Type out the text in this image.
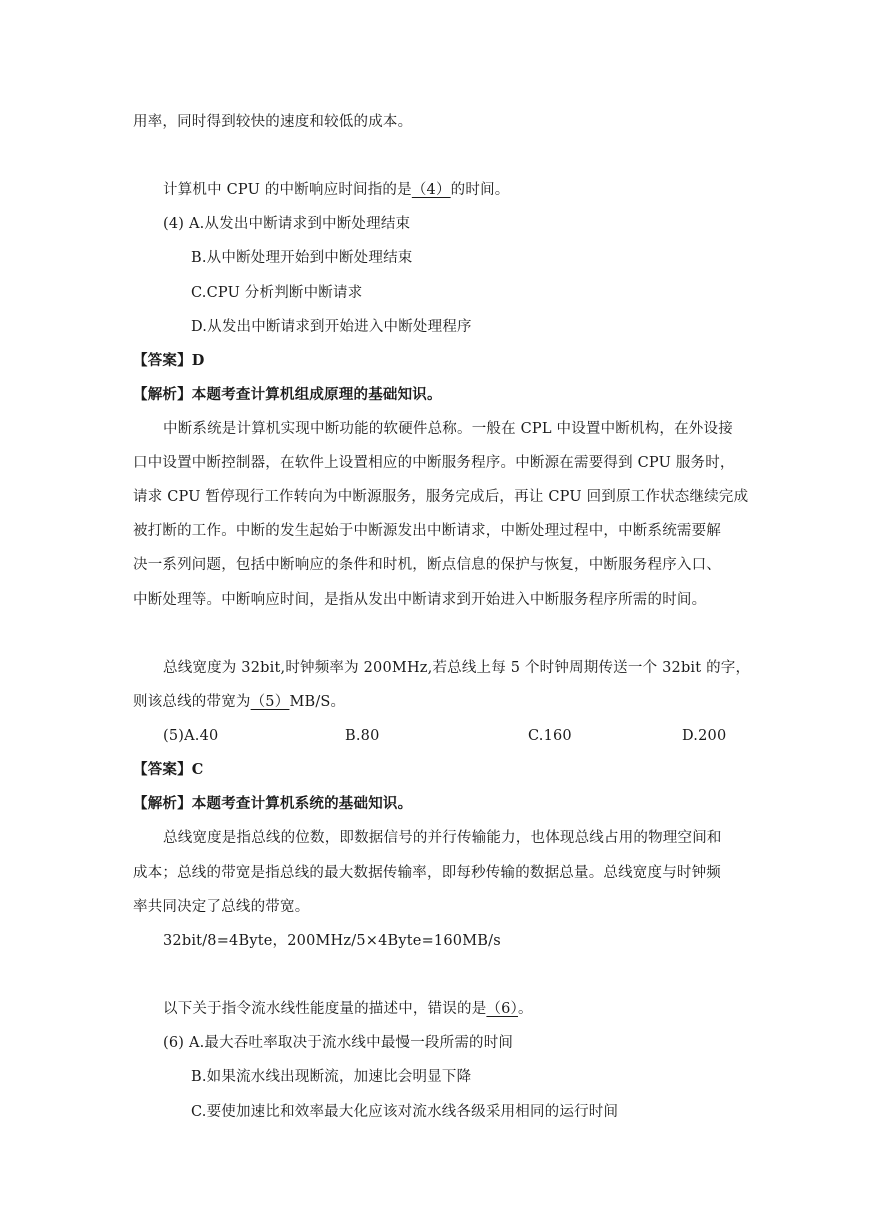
用率，同时得到较快的速度和较低的成本。
计算机中 CPU 的中断响应时间指的是（4）的时间。
(4) A.从发出中断请求到中断处理结束
B.从中断处理开始到中断处理结束
C.CPU 分析判断中断请求
D.从发出中断请求到开始进入中断处理程序
【答案】D
【解析】本题考查计算机组成原理的基础知识。
中断系统是计算机实现中断功能的软硬件总称。一般在 CPL 中设置中断机构，在外设接
口中设置中断控制器，在软件上设置相应的中断服务程序。中断源在需要得到 CPU 服务时，
请求 CPU 暂停现行工作转向为中断源服务，服务完成后，再让 CPU 回到原工作状态继续完成
被打断的工作。中断的发生起始于中断源发出中断请求，中断处理过程中，中断系统需要解
决一系列问题，包括中断响应的条件和时机，断点信息的保护与恢复，中断服务程序入口、
中断处理等。中断响应时间，是指从发出中断请求到开始进入中断服务程序所需的时间。
总线宽度为 32bit,时钟频率为 200MHz,若总线上每 5 个时钟周期传送一个 32bit 的字，
则该总线的带宽为（5）MB/S。
(5)A.40	B.80	C.160	D.200
【答案】C
【解析】本题考查计算机系统的基础知识。
总线宽度是指总线的位数，即数据信号的并行传输能力，也体现总线占用的物理空间和
成本；总线的带宽是指总线的最大数据传输率，即每秒传输的数据总量。总线宽度与时钟频
率共同决定了总线的带宽。
32bit/8=4Byte，200MHz/5×4Byte=160MB/s
以下关于指令流水线性能度量的描述中，错误的是（6）。
(6) A.最大吞吐率取决于流水线中最慢一段所需的时间
B.如果流水线出现断流，加速比会明显下降
C.要使加速比和效率最大化应该对流水线各级采用相同的运行时间
